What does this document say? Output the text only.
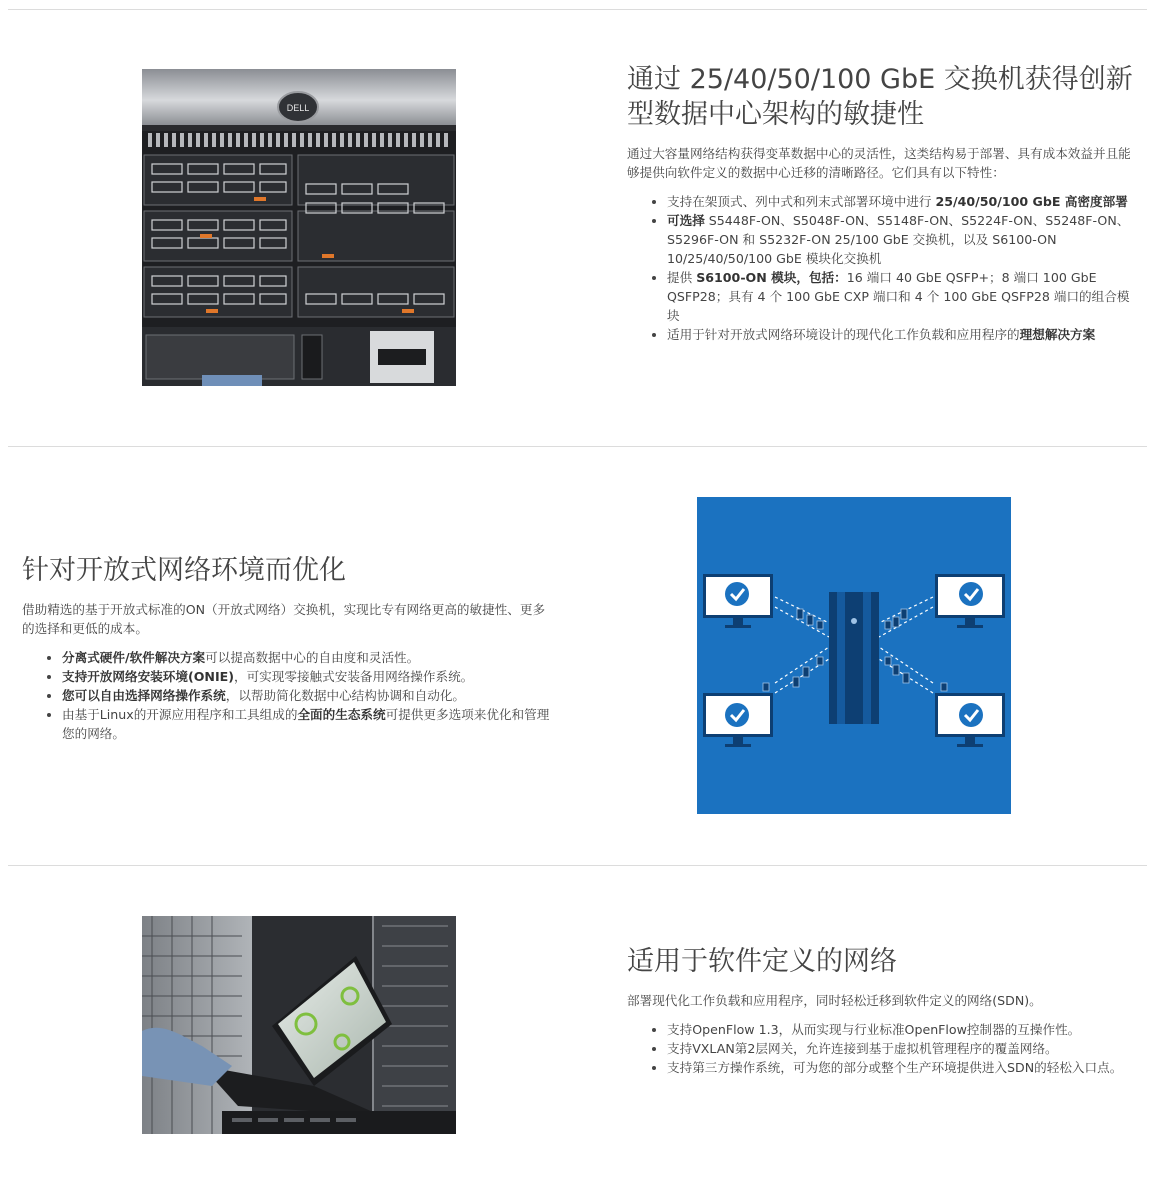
DELL
通过 25/40/50/100 GbE 交换机获得创新型数据中心架构的敏捷性

通过大容量网络结构获得变革数据中心的灵活性，这类结构易于部署、具有成本效益并且能够提供向软件定义的数据中心迁移的清晰路径。它们具有以下特性：

• 支持在架顶式、列中式和列末式部署环境中进行 25/40/50/100 GbE 高密度部署
• 可选择 S5448F-ON、S5048F-ON、S5148F-ON、S5224F-ON、S5248F-ON、S5296F-ON 和 S5232F-ON 25/100 GbE 交换机，以及 S6100-ON 10/25/40/50/100 GbE 模块化交换机
• 提供 S6100-ON 模块，包括：16 端口 40 GbE QSFP+；8 端口 100 GbE QSFP28；具有 4 个 100 GbE CXP 端口和 4 个 100 GbE QSFP28 端口的组合模块
• 适用于针对开放式网络环境设计的现代化工作负载和应用程序的理想解决方案
针对开放式网络环境而优化

借助精选的基于开放式标准的ON（开放式网络）交换机，实现比专有网络更高的敏捷性、更多的选择和更低的成本。

• 分离式硬件/软件解决方案可以提高数据中心的自由度和灵活性。
• 支持开放网络安装环境(ONIE)，可实现零接触式安装备用网络操作系统。
• 您可以自由选择网络操作系统，以帮助简化数据中心结构协调和自动化。
• 由基于Linux的开源应用程序和工具组成的全面的生态系统可提供更多选项来优化和管理您的网络。
适用于软件定义的网络

部署现代化工作负载和应用程序，同时轻松迁移到软件定义的网络(SDN)。

• 支持OpenFlow 1.3，从而实现与行业标准OpenFlow控制器的互操作性。
• 支持VXLAN第2层网关，允许连接到基于虚拟机管理程序的覆盖网络。
• 支持第三方操作系统，可为您的部分或整个生产环境提供进入SDN的轻松入口点。
